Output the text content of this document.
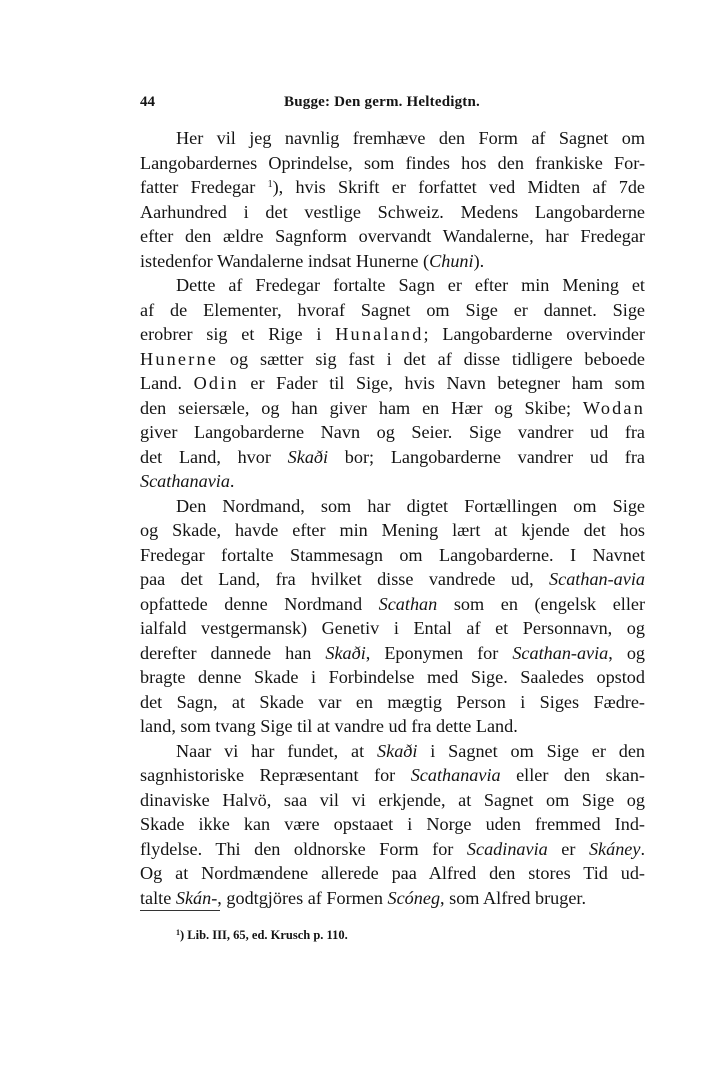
44	Bugge: Den germ. Heltedigtn.
Her vil jeg navnlig fremhæve den Form af Sagnet om
Langobardernes Oprindelse, som findes hos den frankiske For-
fatter Fredegar $^1$), hvis Skrift er forfattet ved Midten af 7de
Aarhundred i det vestlige Schweiz. Medens Langobarderne
efter den ældre Sagnform overvandt Wandalerne, har Fredegar
istedenfor Wandalerne indsat Hunerne (Chuni).
Dette af Fredegar fortalte Sagn er efter min Mening et
af de Elementer, hvoraf Sagnet om Sige er dannet. Sige
erobrer sig et Rige i Hunaland; Langobarderne overvinder
Hunerne og sætter sig fast i det af disse tidligere beboede
Land. Odin er Fader til Sige, hvis Navn betegner ham som
den seiersæle, og han giver ham en Hær og Skibe; Wodan
giver Langobarderne Navn og Seier. Sige vandrer ud fra
det Land, hvor Skaði bor; Langobarderne vandrer ud fra
Scathanavia.
Den Nordmand, som har digtet Fortællingen om Sige
og Skade, havde efter min Mening lært at kjende det hos
Fredegar fortalte Stammesagn om Langobarderne. I Navnet
paa det Land, fra hvilket disse vandrede ud, Scathan-avia
opfattede denne Nordmand Scathan som en (engelsk eller
ialfald vestgermansk) Genetiv i Ental af et Personnavn, og
derefter dannede han Skaði, Eponymen for Scathan-avia, og
bragte denne Skade i Forbindelse med Sige. Saaledes opstod
det Sagn, at Skade var en mægtig Person i Siges Fædre-
land, som tvang Sige til at vandre ud fra dette Land.
Naar vi har fundet, at Skaði i Sagnet om Sige er den
sagnhistoriske Repræsentant for Scathanavia eller den skan-
dinaviske Halvö, saa vil vi erkjende, at Sagnet om Sige og
Skade ikke kan være opstaaet i Norge uden fremmed Ind-
flydelse. Thi den oldnorske Form for Scadinavia er Skáney.
Og at Nordmændene allerede paa Alfred den stores Tid ud-
talte Skán-, godtgjöres af Formen Scóneg, som Alfred bruger.
$^1$) Lib. III, 65, ed. Krusch p. 110.
